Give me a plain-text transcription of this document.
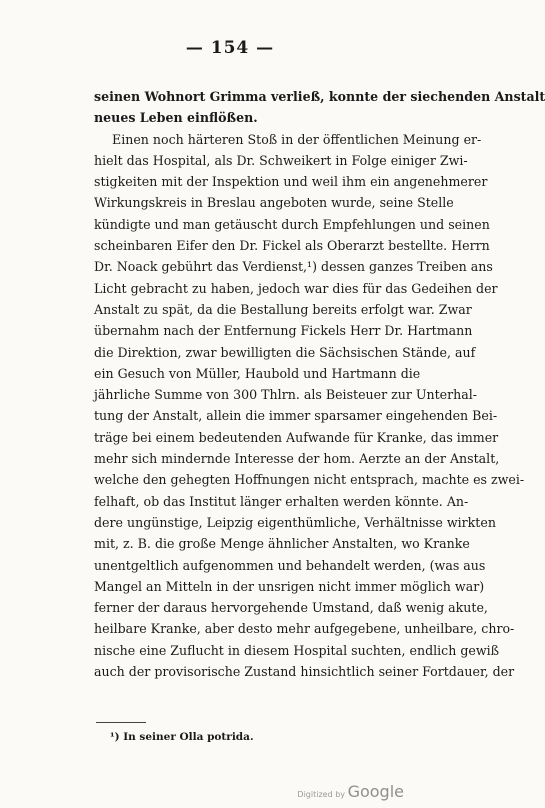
— 154 —
seinen Wohnort Grimma verließ, konnte der siechenden Anstalt
neues Leben einflößen.
Einen noch härteren Stoß in der öffentlichen Meinung er-
hielt das Hospital, als Dr. Schweikert in Folge einiger Zwi-
stigkeiten mit der Inspektion und weil ihm ein angenehmerer
Wirkungskreis in Breslau angeboten wurde, seine Stelle
kündigte und man getäuscht durch Empfehlungen und seinen
scheinbaren Eifer den Dr. Fickel als Oberarzt bestellte. Herrn
Dr. Noack gebührt das Verdienst,¹) dessen ganzes Treiben ans
Licht gebracht zu haben, jedoch war dies für das Gedeihen der
Anstalt zu spät, da die Bestallung bereits erfolgt war. Zwar
übernahm nach der Entfernung Fickels Herr Dr. Hartmann
die Direktion, zwar bewilligten die Sächsischen Stände, auf
ein Gesuch von Müller, Haubold und Hartmann die
jährliche Summe von 300 Thlrn. als Beisteuer zur Unterhal-
tung der Anstalt, allein die immer sparsamer eingehenden Bei-
träge bei einem bedeutenden Aufwande für Kranke, das immer
mehr sich mindernde Interesse der hom. Aerzte an der Anstalt,
welche den gehegten Hoffnungen nicht entsprach, machte es zwei-
felhaft, ob das Institut länger erhalten werden könnte. An-
dere ungünstige, Leipzig eigenthümliche, Verhältnisse wirkten
mit, z. B. die große Menge ähnlicher Anstalten, wo Kranke
unentgeltlich aufgenommen und behandelt werden, (was aus
Mangel an Mitteln in der unsrigen nicht immer möglich war)
ferner der daraus hervorgehende Umstand, daß wenig akute,
heilbare Kranke, aber desto mehr aufgegebene, unheilbare, chro-
nische eine Zuflucht in diesem Hospital suchten, endlich gewiß
auch der provisorische Zustand hinsichtlich seiner Fortdauer, der
¹) In seiner Olla potrida.
Digitized by Google
